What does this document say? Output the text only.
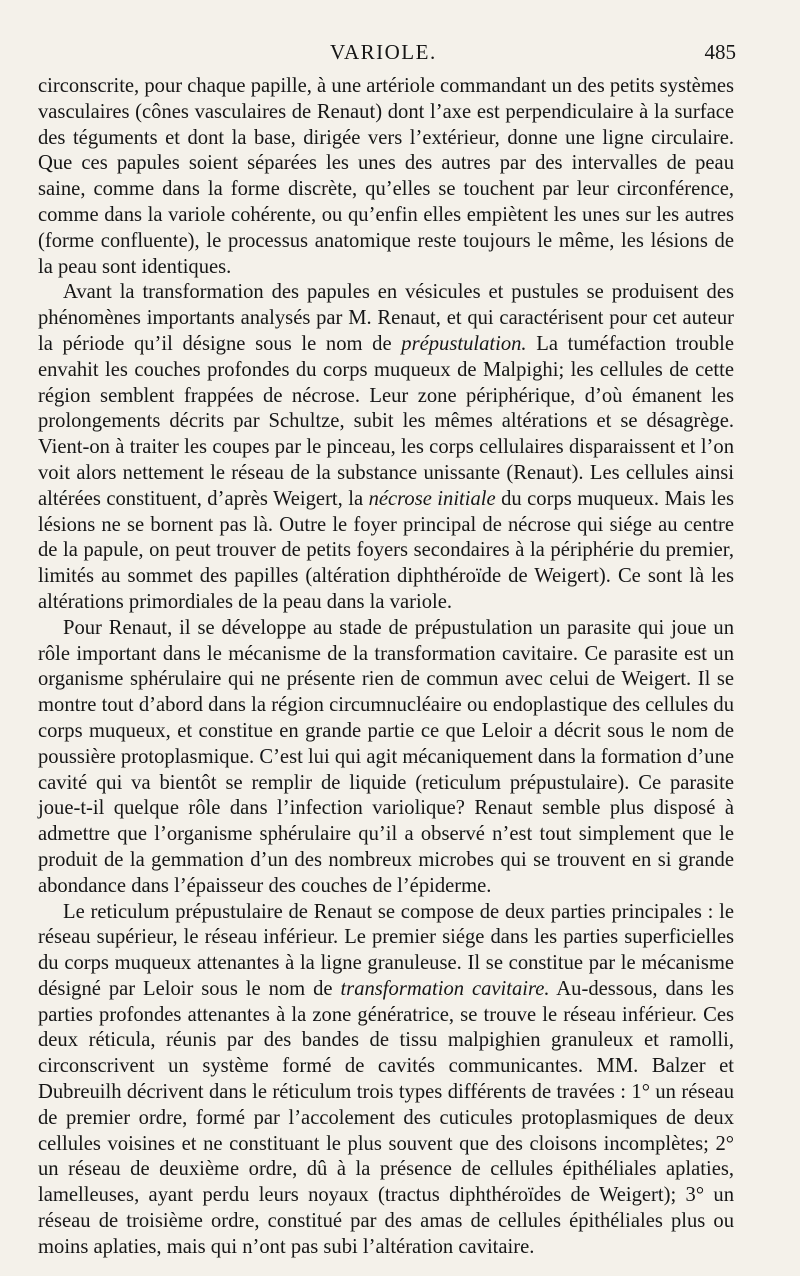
VARIOLE.	485

circonscrite, pour chaque papille, à une artériole commandant un des petits systèmes vasculaires (cônes vasculaires de Renaut) dont l’axe est perpendiculaire à la surface des téguments et dont la base, dirigée vers l’extérieur, donne une ligne circulaire. Que ces papules soient séparées les unes des autres par des intervalles de peau saine, comme dans la forme discrète, qu’elles se touchent par leur circonférence, comme dans la variole cohérente, ou qu’enfin elles empiètent les unes sur les autres (forme confluente), le processus anatomique reste toujours le même, les lésions de la peau sont identiques.

Avant la transformation des papules en vésicules et pustules se produisent des phénomènes importants analysés par M. Renaut, et qui caractérisent pour cet auteur la période qu’il désigne sous le nom de prépustulation. La tuméfaction trouble envahit les couches profondes du corps muqueux de Malpighi; les cellules de cette région semblent frappées de nécrose. Leur zone périphérique, d’où émanent les prolongements décrits par Schultze, subit les mêmes altérations et se désagrège. Vient-on à traiter les coupes par le pinceau, les corps cellulaires disparaissent et l’on voit alors nettement le réseau de la substance unissante (Renaut). Les cellules ainsi altérées constituent, d’après Weigert, la nécrose initiale du corps muqueux. Mais les lésions ne se bornent pas là. Outre le foyer principal de nécrose qui siége au centre de la papule, on peut trouver de petits foyers secondaires à la périphérie du premier, limités au sommet des papilles (altération diphthéroïde de Weigert). Ce sont là les altérations primordiales de la peau dans la variole.

Pour Renaut, il se développe au stade de prépustulation un parasite qui joue un rôle important dans le mécanisme de la transformation cavitaire. Ce parasite est un organisme sphérulaire qui ne présente rien de commun avec celui de Weigert. Il se montre tout d’abord dans la région circumnucléaire ou endoplastique des cellules du corps muqueux, et constitue en grande partie ce que Leloir a décrit sous le nom de poussière protoplasmique. C’est lui qui agit mécaniquement dans la formation d’une cavité qui va bientôt se remplir de liquide (reticulum prépustulaire). Ce parasite joue-t-il quelque rôle dans l’infection variolique? Renaut semble plus disposé à admettre que l’organisme sphérulaire qu’il a observé n’est tout simplement que le produit de la gemmation d’un des nombreux microbes qui se trouvent en si grande abondance dans l’épaisseur des couches de l’épiderme.

Le reticulum prépustulaire de Renaut se compose de deux parties principales : le réseau supérieur, le réseau inférieur. Le premier siége dans les parties superficielles du corps muqueux attenantes à la ligne granuleuse. Il se constitue par le mécanisme désigné par Leloir sous le nom de transformation cavitaire. Au-dessous, dans les parties profondes attenantes à la zone génératrice, se trouve le réseau inférieur. Ces deux réticula, réunis par des bandes de tissu malpighien granuleux et ramolli, circonscrivent un système formé de cavités communicantes. MM. Balzer et Dubreuilh décrivent dans le réticulum trois types différents de travées : 1° un réseau de premier ordre, formé par l’accolement des cuticules protoplasmiques de deux cellules voisines et ne constituant le plus souvent que des cloisons incomplètes; 2° un réseau de deuxième ordre, dû à la présence de cellules épithéliales aplaties, lamelleuses, ayant perdu leurs noyaux (tractus diphthéroïdes de Weigert); 3° un réseau de troisième ordre, constitué par des amas de cellules épithéliales plus ou moins aplaties, mais qui n’ont pas subi l’altération cavitaire.
